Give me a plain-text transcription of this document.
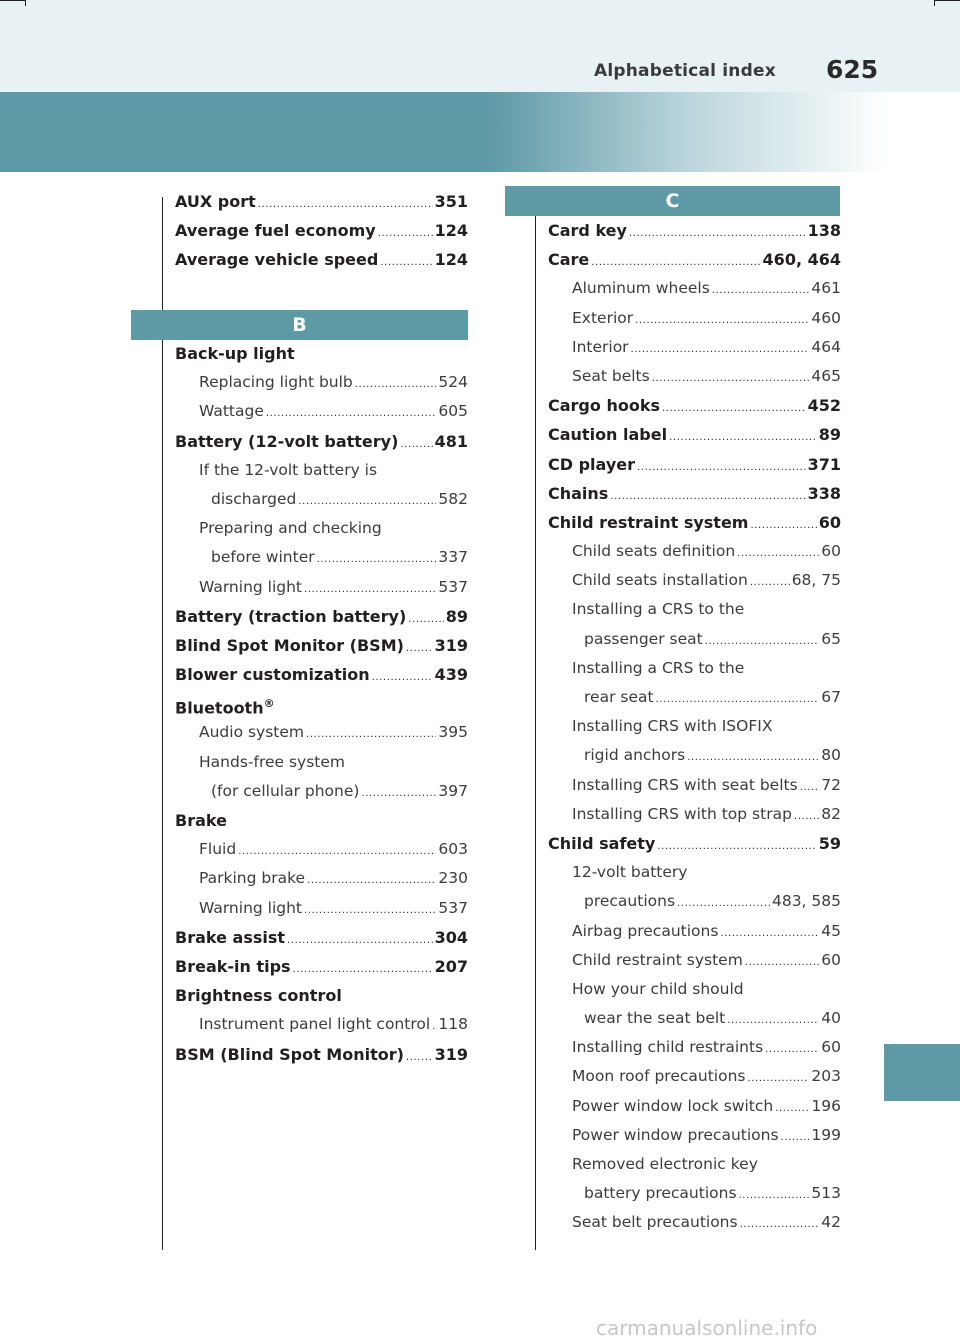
Alphabetical index 625
AUX port .....	351
Average fuel economy .....	124
Average vehicle speed .....	124
B
Back-up light
Replacing light bulb .....	524
Wattage .....	605
Battery (12-volt battery) ..... 481
If the 12-volt battery is
discharged .....	582
Preparing and checking
before winter .....	337
Warning light .....	537
Battery (traction battery) ..... 89
Blind Spot Monitor (BSM) ..... 319
Blower customization .....	439
Bluetooth®
Audio system .....	395
Hands-free system
(for cellular phone) .....	397
Brake
Fluid .....	603
Parking brake .....	230
Warning light .....	537
Brake assist .....	304
Break-in tips .....	207
Brightness control
Instrument panel light control ..... 118
BSM (Blind Spot Monitor) ..... 319
C
Card key .....	138
Care .....	460, 464
Aluminum wheels .....	461
Exterior .....	460
Interior .....	464
Seat belts .....	465
Cargo hooks .....	452
Caution label .....	89
CD player .....	371
Chains .....	338
Child restraint system .....	60
Child seats definition .....	60
Child seats installation .....	68, 75
Installing a CRS to the
passenger seat .....	65
Installing a CRS to the
rear seat .....	67
Installing CRS with ISOFIX
rigid anchors .....	80
Installing CRS with seat belts ..... 72
Installing CRS with top strap ..... 82
Child safety .....	59
12-volt battery
precautions .....	483, 585
Airbag precautions .....	45
Child restraint system .....	60
How your child should
wear the seat belt .....	40
Installing child restraints .....	60
Moon roof precautions .....	203
Power window lock switch ..... 196
Power window precautions ..... 199
Removed electronic key
battery precautions .....	513
Seat belt precautions .....	42
carmanualsonline.info
